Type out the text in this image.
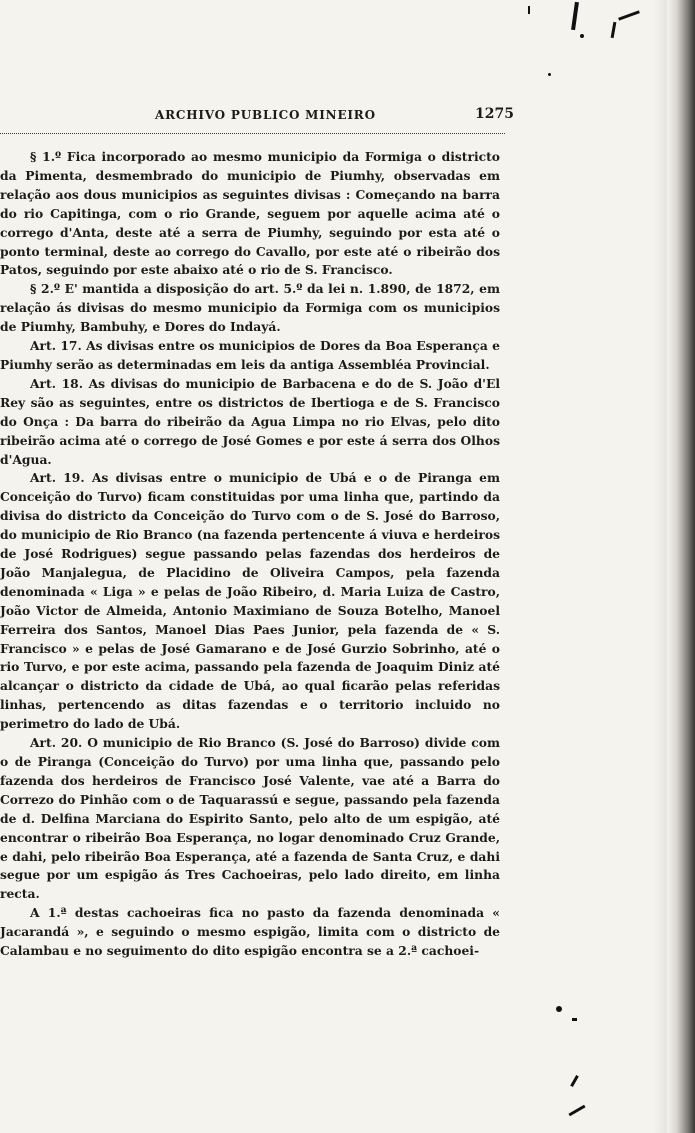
ARCHIVO PUBLICO MINEIRO	1275

§ 1.º Fica incorporado ao mesmo municipio da Formiga o districto da Pimenta, desmembrado do municipio de Piumhy, observadas em relação aos dous municipios as seguintes divisas : Começando na barra do rio Capitinga, com o rio Grande, seguem por aquelle acima até o corrego d'Anta, deste até a serra de Piumhy, seguindo por esta até o ponto terminal, deste ao corrego do Cavallo, por este até o ribeirão dos Patos, seguindo por este abaixo até o rio de S. Francisco.

§ 2.º E' mantida a disposição do art. 5.º da lei n. 1.890, de 1872, em relação ás divisas do mesmo municipio da Formiga com os municipios de Piumhy, Bambuhy, e Dores do Indayá.

Art. 17. As divisas entre os municipios de Dores da Boa Esperança e Piumhy serão as determinadas em leis da antiga Assembléa Provincial.

Art. 18. As divisas do municipio de Barbacena e do de S. João d'El Rey são as seguintes, entre os districtos de Ibertioga e de S. Francisco do Onça : Da barra do ribeirão da Agua Limpa no rio Elvas, pelo dito ribeirão acima até o corrego de José Gomes e por este á serra dos Olhos d'Agua.

Art. 19. As divisas entre o municipio de Ubá e o de Piranga em Conceição do Turvo) ficam constituidas por uma linha que, partindo da divisa do districto da Conceição do Turvo com o de S. José do Barroso, do municipio de Rio Branco (na fazenda pertencente á viuva e herdeiros de José Rodrigues) segue passando pelas fazendas dos herdeiros de João Manjalegua, de Placidino de Oliveira Campos, pela fazenda denominada « Liga » e pelas de João Ribeiro, d. Maria Luiza de Castro, João Victor de Almeida, Antonio Maximiano de Souza Botelho, Manoel Ferreira dos Santos, Manoel Dias Paes Junior, pela fazenda de « S. Francisco » e pelas de José Gamarano e de José Gurzio Sobrinho, até o rio Turvo, e por este acima, passando pela fazenda de Joaquim Diniz até alcançar o districto da cidade de Ubá, ao qual ficarão pelas referidas linhas, pertencendo as ditas fazendas e o territorio incluido no perimetro do lado de Ubá.

Art. 20. O municipio de Rio Branco (S. José do Barroso) divide com o de Piranga (Conceição do Turvo) por uma linha que, passando pelo fazenda dos herdeiros de Francisco José Valente, vae até a Barra do Correzo do Pinhão com o de Taquarassú e segue, passando pela fazenda de d. Delfina Marciana do Espirito Santo, pelo alto de um espigão, até encontrar o ribeirão Boa Esperança, no logar denominado Cruz Grande, e dahi, pelo ribeirão Boa Esperança, até a fazenda de Santa Cruz, e dahi segue por um espigão ás Tres Cachoeiras, pelo lado direito, em linha recta.

A 1.ª destas cachoeiras fica no pasto da fazenda denominada « Jacarandá », e seguindo o mesmo espigão, limita com o districto de Calambau e no seguimento do dito espigão encontra se a 2.ª cachoei-
